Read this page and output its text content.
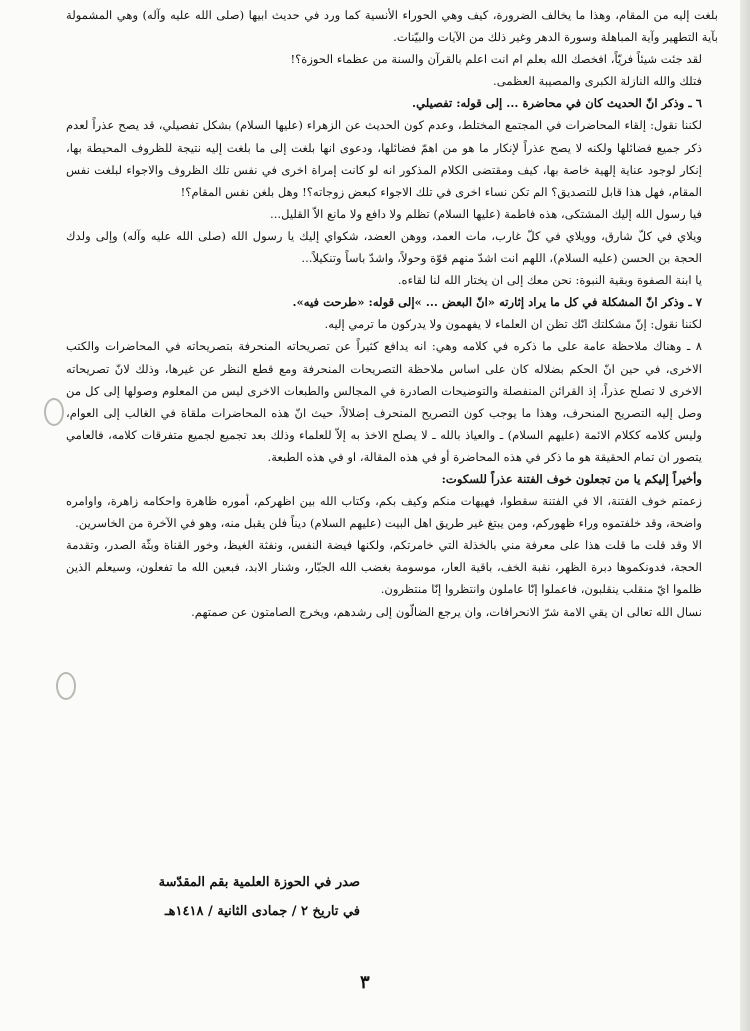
بلغت إليه من المقام، وهذا ما يخالف الضرورة، كيف وهي الحوراء الأنسية كما ورد في حديث ابيها (صلى الله عليه وآله) وهي المشمولة بآية التطهير وآية المباهلة وسورة الدهر وغير ذلك من الآيات والبيّنات.

لقد جئت شيئاً فريّاً، افخصك الله بعلم ام انت اعلم بالقرآن والسنة من عظماء الحوزة؟!

فتلك والله النازلة الكبرى والمصيبة العظمى.

٦ ـ وذكر انّ الحديث كان في محاضرة ... إلى قوله: تفصيلي.

لكننا نقول: إلقاء المحاضرات في المجتمع المختلط، وعدم كون الحديث عن الزهراء (عليها السلام) بشكل تفصيلي، قد يصح عذراً لعدم ذكر جميع فضائلها ولكنه لا يصح عذراً لإنكار ما هو من اهمّ فضائلها، ودعوى انها بلغت إلى ما بلغت إليه نتيجة للظروف المحيطة بها، إنكار لوجود عناية إلهية خاصة بها، كيف ومقتضى الكلام المذكور انه لو كانت إمراة اخرى في نفس تلك الظروف والاجواء لبلغت نفس المقام، فهل هذا قابل للتصديق؟ الم تكن نساء اخرى في تلك الاجواء كبعض زوجاته؟! وهل بلغن نفس المقام؟!

فيا رسول الله إليك المشتكى، هذه فاطمة (عليها السلام) تظلم ولا دافع ولا مانع الاّ القليل...

ويلاي في كلّ شارق، وويلاي في كلّ غارب، مات العمد، ووهن العضد، شكواي إليك يا رسول الله (صلى الله عليه وآله) وإلى ولدك الحجة بن الحسن (عليه السلام)، اللهم انت اشدّ منهم قوّة وحولاً، واشدّ باساً وتنكيلاً...

يا ابنة الصفوة وبقية النبوة: نحن معك إلى ان يختار الله لنا لقاءه.

٧ ـ وذكر انّ المشكلة في كل ما يراد إثارته «انّ البعض ... »إلى قوله: «طرحت فيه».

لكننا نقول: إنّ مشكلتك انّك تظن ان العلماء لا يفهمون ولا يدركون ما ترمي إليه.

٨ ـ وهناك ملاحظة عامة على ما ذكره في كلامه وهي: انه يدافع كثيراً عن تصريحاته المنحرفة بتصريحاته في المحاضرات والكتب الاخرى، في حين انّ الحكم بضلاله كان على اساس ملاحظة التصريحات المنحرفة ومع قطع النظر عن غيرها، وذلك لانّ تصريحاته الاخرى لا تصلح عذراً، إذ القرائن المنفصلة والتوضيحات الصادرة في المجالس والطبعات الاخرى ليس من المعلوم وصولها إلى كل من وصل إليه التصريح المنحرف، وهذا ما يوجب كون التصريح المنحرف إضلالاً، حيث انّ هذه المحاضرات ملقاة في الغالب إلى العوام، وليس كلامه ككلام الائمة (عليهم السلام) ـ والعياذ بالله ـ لا يصلح الاخذ به إلاّ للعلماء وذلك بعد تجميع لجميع متفرقات كلامه، فالعامي يتصور ان تمام الحقيقة هو ما ذكر في هذه المحاضرة أو في هذه المقالة، او في هذه الطبعة.

وأخيراً إليكم يا من تجعلون خوف الفتنة عذراً للسكوت:

زعمتم خوف الفتنة، الا في الفتنة سقطوا، فهيهات منكم وكيف بكم، وكتاب الله بين اظهركم، أموره ظاهرة واحكامه زاهرة، واوامره واضحة، وقد خلفتموه وراء ظهوركم، ومن يبتغ غير طريق اهل البيت (عليهم السلام) ديناً فلن يقبل منه، وهو في الآخرة من الخاسرين.

الا وقد قلت ما قلت هذا على معرفة مني بالخذلة التي خامرتكم، ولكنها فيضة النفس، ونفثة الغيظ، وخور القناة وبثّة الصدر، وتقدمة الحجة، فدونكموها دبرة الظهر، نقبة الخف، باقية العار، موسومة بغضب الله الجبّار، وشنار الابد، فبعين الله ما تفعلون، وسيعلم الذين ظلموا ايّ منقلب ينقلبون، فاعملوا إنّا عاملون وانتظروا إنّا منتظرون.

نسال الله تعالى ان يقي الامة شرّ الانحرافات، وان يرجع الضالّون إلى رشدهم، ويخرج الصامتون عن صمتهم.

صدر في الحوزة العلمية بقم المقدّسة
في تاريخ ٢ / جمادى الثانية / ١٤١٨هـ
٣
